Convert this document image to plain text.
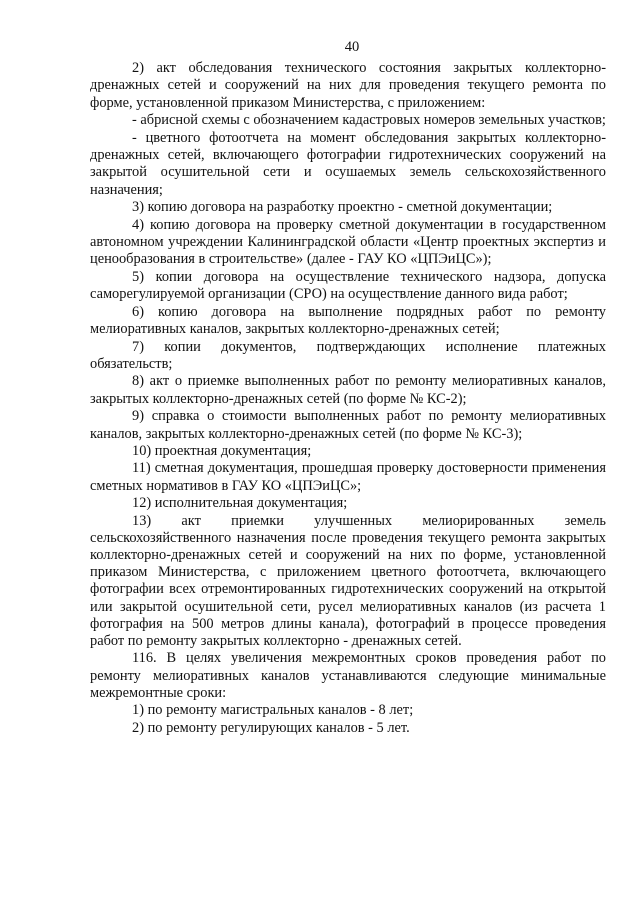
40

2) акт обследования технического состояния закрытых коллекторно-дренажных сетей и сооружений на них для проведения текущего ремонта по форме, установленной приказом Министерства, с приложением:

- абрисной схемы с обозначением кадастровых номеров земельных участков;

- цветного фотоотчета на момент обследования закрытых коллекторно-дренажных сетей, включающего фотографии гидротехнических сооружений на закрытой осушительной сети и осушаемых земель сельскохозяйственного назначения;

3) копию договора на разработку проектно - сметной документации;

4) копию договора на проверку сметной документации в государственном автономном учреждении Калининградской области «Центр проектных экспертиз и ценообразования в строительстве» (далее - ГАУ КО «ЦПЭиЦС»);

5) копии договора на осуществление технического надзора, допуска саморегулируемой организации (СРО) на осуществление данного вида работ;

6) копию договора на выполнение подрядных работ по ремонту мелиоративных каналов, закрытых коллекторно-дренажных сетей;

7) копии документов, подтверждающих исполнение платежных обязательств;

8) акт о приемке выполненных работ по ремонту мелиоративных каналов, закрытых коллекторно-дренажных сетей (по форме № КС-2);

9) справка о стоимости выполненных работ по ремонту мелиоративных каналов, закрытых коллекторно-дренажных сетей (по форме № КС-3);

10) проектная документация;

11) сметная документация, прошедшая проверку достоверности применения сметных нормативов в ГАУ КО «ЦПЭиЦС»;

12) исполнительная документация;

13) акт приемки улучшенных мелиорированных земель сельскохозяйственного назначения после проведения текущего ремонта закрытых коллекторно-дренажных сетей и сооружений на них по форме, установленной приказом Министерства, с приложением цветного фотоотчета, включающего фотографии всех отремонтированных гидротехнических сооружений на открытой или закрытой осушительной сети, русел мелиоративных каналов (из расчета 1 фотография на 500 метров длины канала), фотографий в процессе проведения работ по ремонту закрытых коллекторно - дренажных сетей.

116. В целях увеличения межремонтных сроков проведения работ по ремонту мелиоративных каналов устанавливаются следующие минимальные межремонтные сроки:

1) по ремонту магистральных каналов - 8 лет;

2) по ремонту регулирующих каналов - 5 лет.
